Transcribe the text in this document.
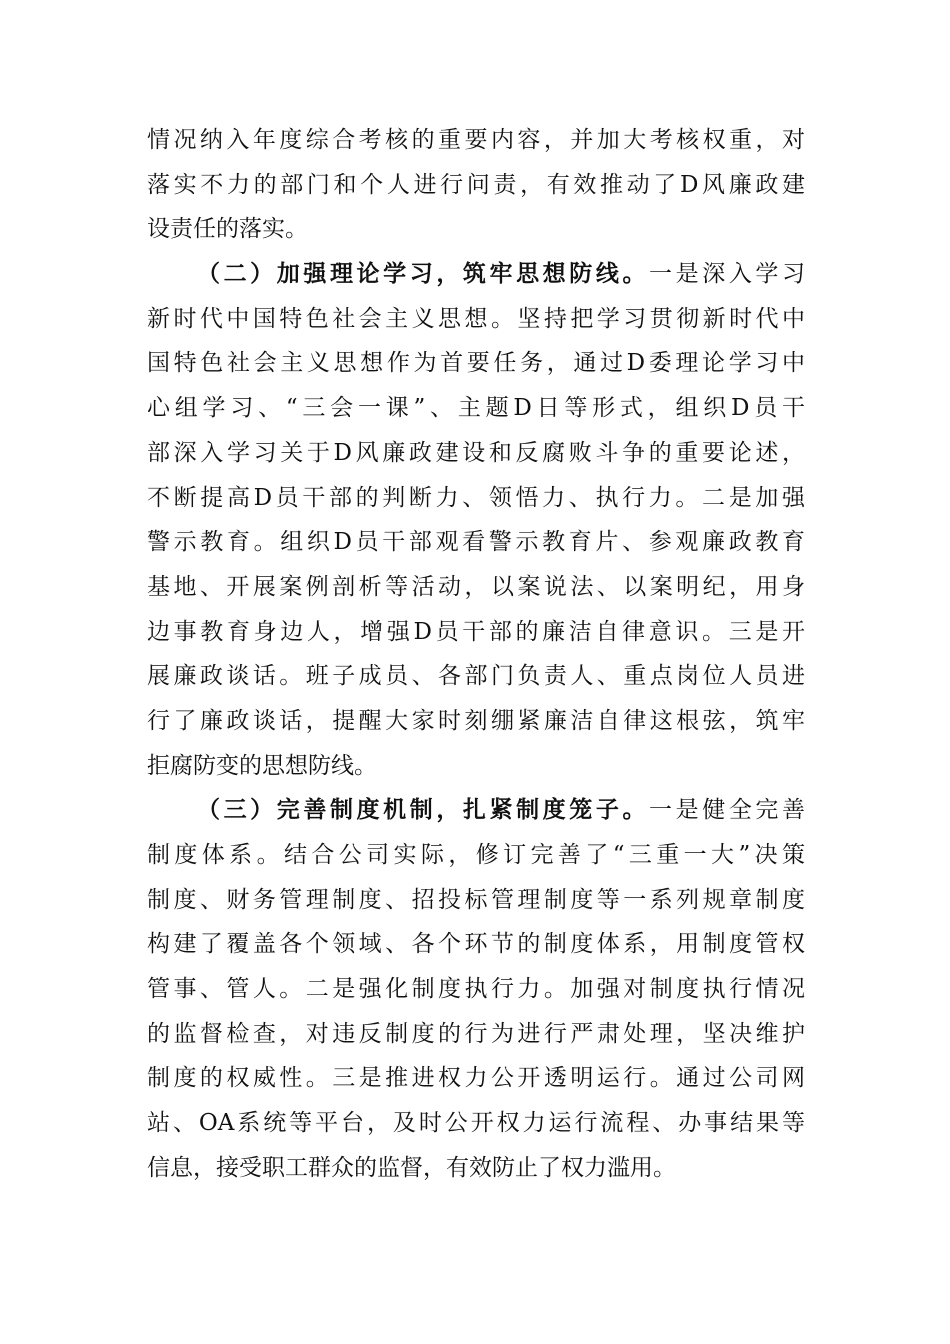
情况纳入年度综合考核的重要内容，并加大考核权重，对
落实不力的部门和个人进行问责，有效推动了D风廉政建
设责任的落实。
（二）加强理论学习，筑牢思想防线。一是深入学习
新时代中国特色社会主义思想。坚持把学习贯彻新时代中
国特色社会主义思想作为首要任务，通过D委理论学习中
心组学习、“三会一课”、主题D日等形式，组织D员干
部深入学习关于D风廉政建设和反腐败斗争的重要论述，
不断提高D员干部的判断力、领悟力、执行力。二是加强
警示教育。组织D员干部观看警示教育片、参观廉政教育
基地、开展案例剖析等活动，以案说法、以案明纪，用身
边事教育身边人，增强D员干部的廉洁自律意识。三是开
展廉政谈话。班子成员、各部门负责人、重点岗位人员进
行了廉政谈话，提醒大家时刻绷紧廉洁自律这根弦，筑牢
拒腐防变的思想防线。
（三）完善制度机制，扎紧制度笼子。一是健全完善
制度体系。结合公司实际，修订完善了“三重一大”决策
制度、财务管理制度、招投标管理制度等一系列规章制度
构建了覆盖各个领域、各个环节的制度体系，用制度管权
管事、管人。二是强化制度执行力。加强对制度执行情况
的监督检查，对违反制度的行为进行严肃处理，坚决维护
制度的权威性。三是推进权力公开透明运行。通过公司网
站、OA系统等平台，及时公开权力运行流程、办事结果等
信息，接受职工群众的监督，有效防止了权力滥用。
